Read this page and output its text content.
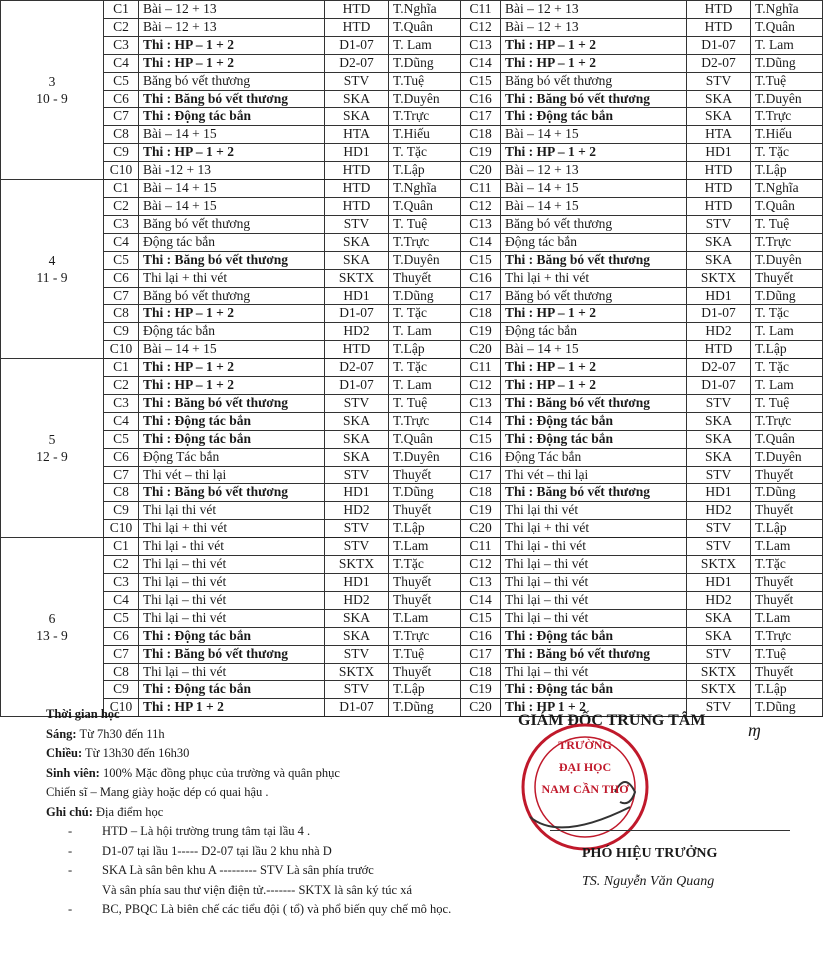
3
10 - 9	C1	Bài – 12 + 13	HTD	T.Nghĩa	C11	Bài – 12 + 13	HTD	T.Nghĩa
	C2	Bài – 12 + 13	HTD	T.Quân	C12	Bài – 12 + 13	HTD	T.Quân
	C3	Thi : HP – 1 + 2	D1-07	T. Lam	C13	Thi : HP – 1 + 2	D1-07	T. Lam
	C4	Thi : HP – 1 + 2	D2-07	T.Dũng	C14	Thi : HP – 1 + 2	D2-07	T.Dũng
	C5	Băng bó vết thương	STV	T.Tuệ	C15	Băng bó vết thương	STV	T.Tuệ
	C6	Thi : Băng bó vết thương	SKA	T.Duyên	C16	Thi : Băng bó vết thương	SKA	T.Duyên
	C7	Thi : Động tác bắn	SKA	T.Trực	C17	Thi : Động tác bắn	SKA	T.Trực
	C8	Bài – 14 + 15	HTA	T.Hiếu	C18	Bài – 14 + 15	HTA	T.Hiếu
	C9	Thi : HP – 1 + 2	HD1	T. Tặc	C19	Thi : HP – 1 + 2	HD1	T. Tặc
	C10	Bài -12 + 13	HTD	T.Lập	C20	Bài – 12 + 13	HTD	T.Lập

4
11 - 9	C1	Bài – 14 + 15	HTD	T.Nghĩa	C11	Bài – 14 + 15	HTD	T.Nghĩa
	C2	Bài – 14 + 15	HTD	T.Quân	C12	Bài – 14 + 15	HTD	T.Quân
	C3	Băng bó vết thương	STV	T. Tuệ	C13	Băng bó vết thương	STV	T. Tuệ
	C4	Động tác bắn	SKA	T.Trực	C14	Động tác bắn	SKA	T.Trực
	C5	Thi : Băng bó vết thương	SKA	T.Duyên	C15	Thi : Băng bó vết thương	SKA	T.Duyên
	C6	Thi lại + thi vét	SKTX	Thuyết	C16	Thi lại + thi vét	SKTX	Thuyết
	C7	Băng bó vết thương	HD1	T.Dũng	C17	Băng bó vết thương	HD1	T.Dũng
	C8	Thi : HP – 1 + 2	D1-07	T. Tặc	C18	Thi : HP – 1 + 2	D1-07	T. Tặc
	C9	Động tác bắn	HD2	T. Lam	C19	Động tác bắn	HD2	T. Lam
	C10	Bài – 14 + 15	HTD	T.Lập	C20	Bài – 14 + 15	HTD	T.Lập

5
12 - 9	C1	Thi : HP – 1 + 2	D2-07	T. Tặc	C11	Thi : HP – 1 + 2	D2-07	T. Tặc
	C2	Thi : HP – 1 + 2	D1-07	T. Lam	C12	Thi : HP – 1 + 2	D1-07	T. Lam
	C3	Thi : Băng bó vết thương	STV	T. Tuệ	C13	Thi : Băng bó vết thương	STV	T. Tuệ
	C4	Thi : Động tác bắn	SKA	T.Trực	C14	Thi : Động tác bắn	SKA	T.Trực
	C5	Thi : Động tác bắn	SKA	T.Quân	C15	Thi : Động tác bắn	SKA	T.Quân
	C6	Động Tác bắn	SKA	T.Duyên	C16	Động Tác bắn	SKA	T.Duyên
	C7	Thi vét – thi lại	STV	Thuyết	C17	Thi vét – thi lại	STV	Thuyết
	C8	Thi : Băng bó vết thương	HD1	T.Dũng	C18	Thi : Băng bó vết thương	HD1	T.Dũng
	C9	Thi lại thi vét	HD2	Thuyết	C19	Thi lại thi vét	HD2	Thuyết
	C10	Thi lại + thi vét	STV	T.Lập	C20	Thi lại + thi vét	STV	T.Lập

6
13 - 9	C1	Thi lại - thi vét	STV	T.Lam	C11	Thi lại - thi vét	STV	T.Lam
	C2	Thi lại – thi vét	SKTX	T.Tặc	C12	Thi lại – thi vét	SKTX	T.Tặc
	C3	Thi lại – thi vét	HD1	Thuyết	C13	Thi lại – thi vét	HD1	Thuyết
	C4	Thi lại – thi vét	HD2	Thuyết	C14	Thi lại – thi vét	HD2	Thuyết
	C5	Thi lại – thi vét	SKA	T.Lam	C15	Thi lại – thi vét	SKA	T.Lam
	C6	Thi : Động tác bắn	SKA	T.Trực	C16	Thi : Động tác bắn	SKA	T.Trực
	C7	Thi : Băng bó vết thương	STV	T.Tuệ	C17	Thi : Băng bó vết thương	STV	T.Tuệ
	C8	Thi lại – thi vét	SKTX	Thuyết	C18	Thi lại – thi vét	SKTX	Thuyết
	C9	Thi : Động tác bắn	STV	T.Lập	C19	Thi : Động tác bắn	SKTX	T.Lập
	C10	Thi : HP 1 + 2	D1-07	T.Dũng	C20	Thi : HP 1 + 2	STV	T.Dũng
Thời gian học
Sáng: Từ 7h30 đến 11h
Chiều: Từ 13h30 đến 16h30
Sinh viên: 100% Mặc đồng phục của trường và quân phục
Chiến sĩ – Mang giày hoặc dép có quai hậu .
Ghi chú: Địa điểm học
- HTD – Là hội trường trung tâm tại lầu 4 .
- D1-07 tại lầu 1----- D2-07 tại lầu 2 khu nhà D
- SKA Là sân bên khu A --------- STV Là sân phía trước
Và sân phía sau thư viện điện tử.------- SKTX là sân ký túc xá
- BC, PBQC Là biên chế các tiểu đội ( tổ) và phổ biến quy chế mô học.
GIÁM ĐỐC TRUNG TÂM ɱ
TRƯỜNG
ĐẠI HỌC
NAM CẦN THƠ
PHÓ HIỆU TRƯỞNG
TS. Nguyễn Văn Quang
